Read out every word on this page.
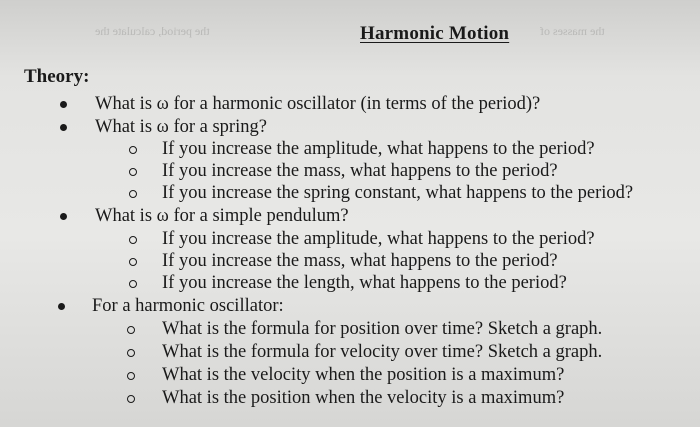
the period, calculate the	the masses of
Harmonic Motion
Theory:
What is ω for a harmonic oscillator (in terms of the period)?
What is ω for a spring?
If you increase the amplitude, what happens to the period?
If you increase the mass, what happens to the period?
If you increase the spring constant, what happens to the period?
What is ω for a simple pendulum?
If you increase the amplitude, what happens to the period?
If you increase the mass, what happens to the period?
If you increase the length, what happens to the period?
For a harmonic oscillator:
What is the formula for position over time? Sketch a graph.
What is the formula for velocity over time? Sketch a graph.
What is the velocity when the position is a maximum?
What is the position when the velocity is a maximum?
